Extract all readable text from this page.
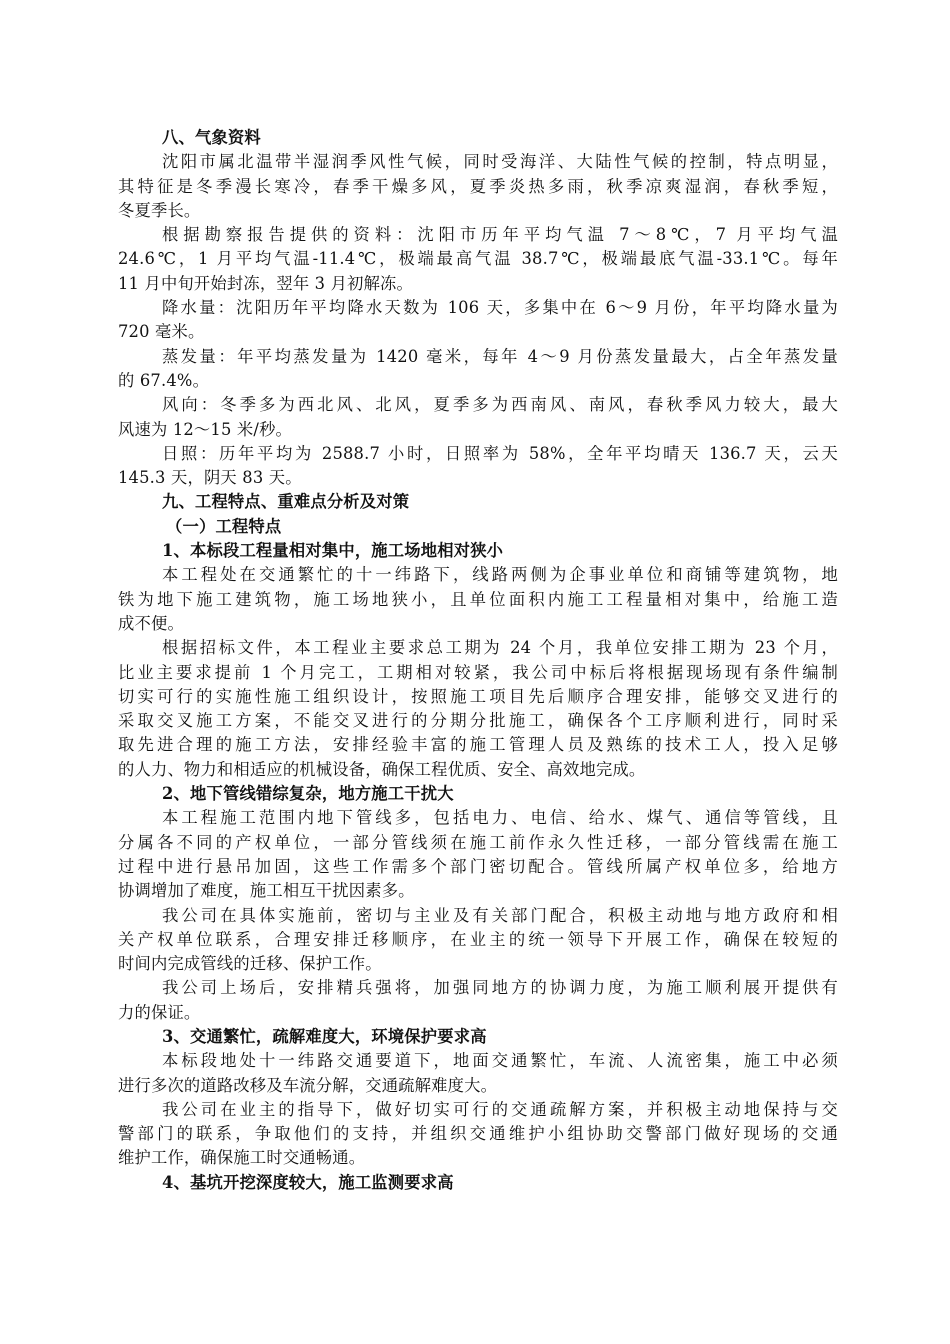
八、气象资料
沈阳市属北温带半湿润季风性气候，同时受海洋、大陆性气候的控制，特点明显，
其特征是冬季漫长寒冷，春季干燥多风，夏季炎热多雨，秋季凉爽湿润，春秋季短，
冬夏季长。
根据勘察报告提供的资料：沈阳市历年平均气温 7～8℃，7 月平均气温
24.6℃，1 月平均气温-11.4℃，极端最高气温 38.7℃，极端最底气温-33.1℃。每年
11 月中旬开始封冻，翌年 3 月初解冻。
降水量：沈阳历年平均降水天数为 106 天，多集中在 6～9 月份，年平均降水量为
720 毫米。
蒸发量：年平均蒸发量为 1420 毫米，每年 4～9 月份蒸发量最大，占全年蒸发量
的 67.4%。
风向：冬季多为西北风、北风，夏季多为西南风、南风，春秋季风力较大，最大
风速为 12～15 米/秒。
日照：历年平均为 2588.7 小时，日照率为 58%，全年平均晴天 136.7 天，云天
145.3 天，阴天 83 天。
九、工程特点、重难点分析及对策
（一）工程特点
1、本标段工程量相对集中，施工场地相对狭小
本工程处在交通繁忙的十一纬路下，线路两侧为企事业单位和商铺等建筑物，地
铁为地下施工建筑物，施工场地狭小，且单位面积内施工工程量相对集中，给施工造
成不便。
根据招标文件，本工程业主要求总工期为 24 个月，我单位安排工期为 23 个月，
比业主要求提前 1 个月完工，工期相对较紧，我公司中标后将根据现场现有条件编制
切实可行的实施性施工组织设计，按照施工项目先后顺序合理安排，能够交叉进行的
采取交叉施工方案，不能交叉进行的分期分批施工，确保各个工序顺利进行，同时采
取先进合理的施工方法，安排经验丰富的施工管理人员及熟练的技术工人，投入足够
的人力、物力和相适应的机械设备，确保工程优质、安全、高效地完成。
2、地下管线错综复杂，地方施工干扰大
本工程施工范围内地下管线多，包括电力、电信、给水、煤气、通信等管线，且
分属各不同的产权单位，一部分管线须在施工前作永久性迁移，一部分管线需在施工
过程中进行悬吊加固，这些工作需多个部门密切配合。管线所属产权单位多，给地方
协调增加了难度，施工相互干扰因素多。
我公司在具体实施前，密切与主业及有关部门配合，积极主动地与地方政府和相
关产权单位联系，合理安排迁移顺序，在业主的统一领导下开展工作，确保在较短的
时间内完成管线的迁移、保护工作。
我公司上场后，安排精兵强将，加强同地方的协调力度，为施工顺利展开提供有
力的保证。
3、交通繁忙，疏解难度大，环境保护要求高
本标段地处十一纬路交通要道下，地面交通繁忙，车流、人流密集，施工中必须
进行多次的道路改移及车流分解，交通疏解难度大。
我公司在业主的指导下，做好切实可行的交通疏解方案，并积极主动地保持与交
警部门的联系，争取他们的支持，并组织交通维护小组协助交警部门做好现场的交通
维护工作，确保施工时交通畅通。
4、基坑开挖深度较大，施工监测要求高
